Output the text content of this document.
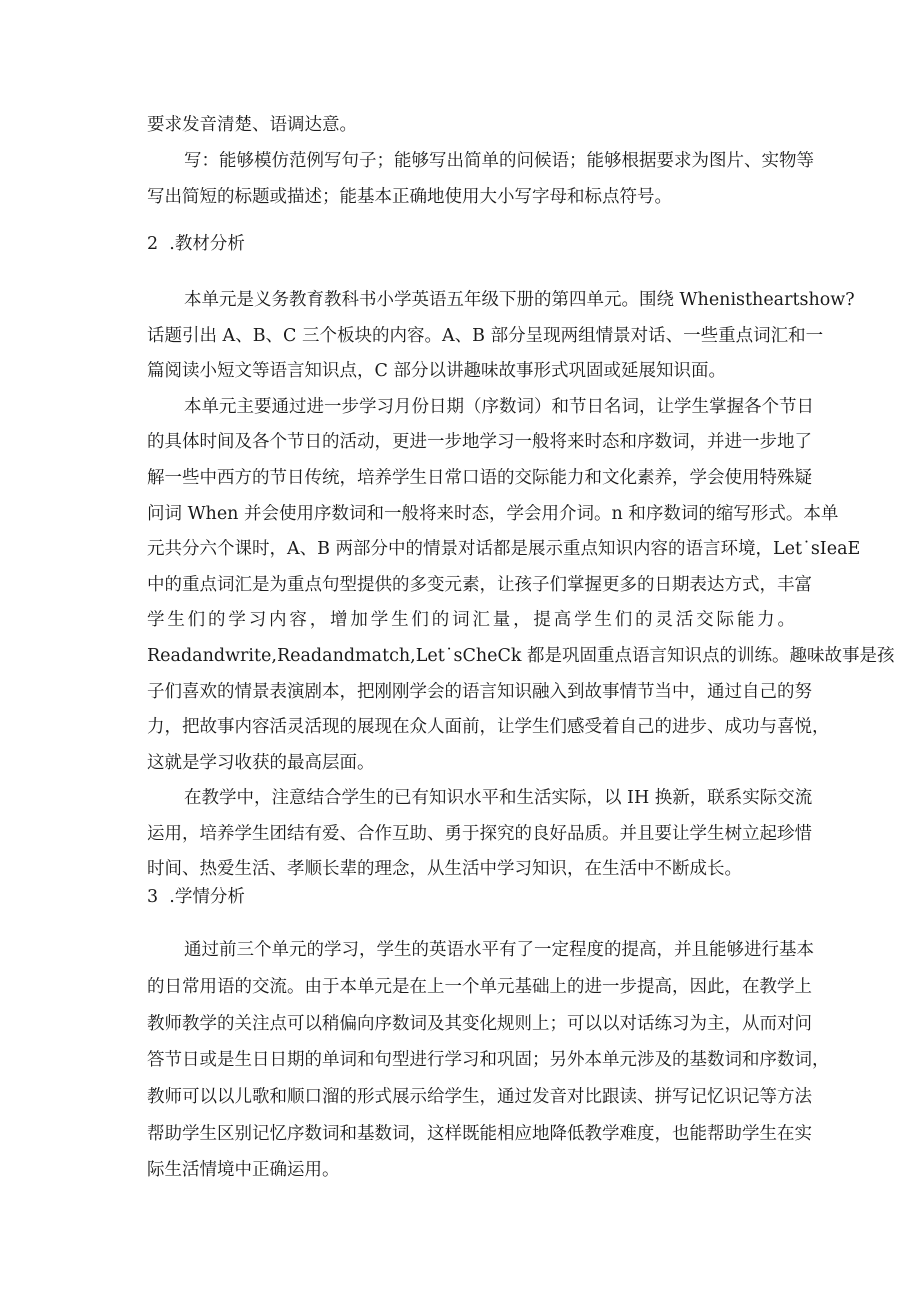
要求发音清楚、语调达意。
写：能够模仿范例写句子；能够写出简单的问候语；能够根据要求为图片、实物等
写出简短的标题或描述；能基本正确地使用大小写字母和标点符号。
2  .教材分析
本单元是义务教育教科书小学英语五年级下册的第四单元。围绕 Whenistheartshow?
话题引出 A、B、C 三个板块的内容。A、B 部分呈现两组情景对话、一些重点词汇和一
篇阅读小短文等语言知识点，C 部分以讲趣味故事形式巩固或延展知识面。
本单元主要通过进一步学习月份日期（序数词）和节日名词，让学生掌握各个节日
的具体时间及各个节日的活动，更进一步地学习一般将来时态和序数词，并进一步地了
解一些中西方的节日传统，培养学生日常口语的交际能力和文化素养，学会使用特殊疑
问词 When 并会使用序数词和一般将来时态，学会用介词。n 和序数词的缩写形式。本单
元共分六个课时，A、B 两部分中的情景对话都是展示重点知识内容的语言环境，Let˙sIeaE
中的重点词汇是为重点句型提供的多变元素，让孩子们掌握更多的日期表达方式，丰富
学生们的学习内容，增加学生们的词汇量，提高学生们的灵活交际能力。
Readandwrite,Readandmatch,Let˙sCheCk 都是巩固重点语言知识点的训练。趣味故事是孩
子们喜欢的情景表演剧本，把刚刚学会的语言知识融入到故事情节当中，通过自己的努
力，把故事内容活灵活现的展现在众人面前，让学生们感受着自己的进步、成功与喜悦，
这就是学习收获的最高层面。
在教学中，注意结合学生的已有知识水平和生活实际，以 IH 换新，联系实际交流
运用，培养学生团结有爱、合作互助、勇于探究的良好品质。并且要让学生树立起珍惜
时间、热爱生活、孝顺长辈的理念，从生活中学习知识，在生活中不断成长。
3  .学情分析
通过前三个单元的学习，学生的英语水平有了一定程度的提高，并且能够进行基本
的日常用语的交流。由于本单元是在上一个单元基础上的进一步提高，因此，在教学上
教师教学的关注点可以稍偏向序数词及其变化规则上；可以以对话练习为主，从而对问
答节日或是生日日期的单词和句型进行学习和巩固；另外本单元涉及的基数词和序数词，
教师可以以儿歌和顺口溜的形式展示给学生，通过发音对比跟读、拼写记忆识记等方法
帮助学生区别记忆序数词和基数词，这样既能相应地降低教学难度，也能帮助学生在实
际生活情境中正确运用。
